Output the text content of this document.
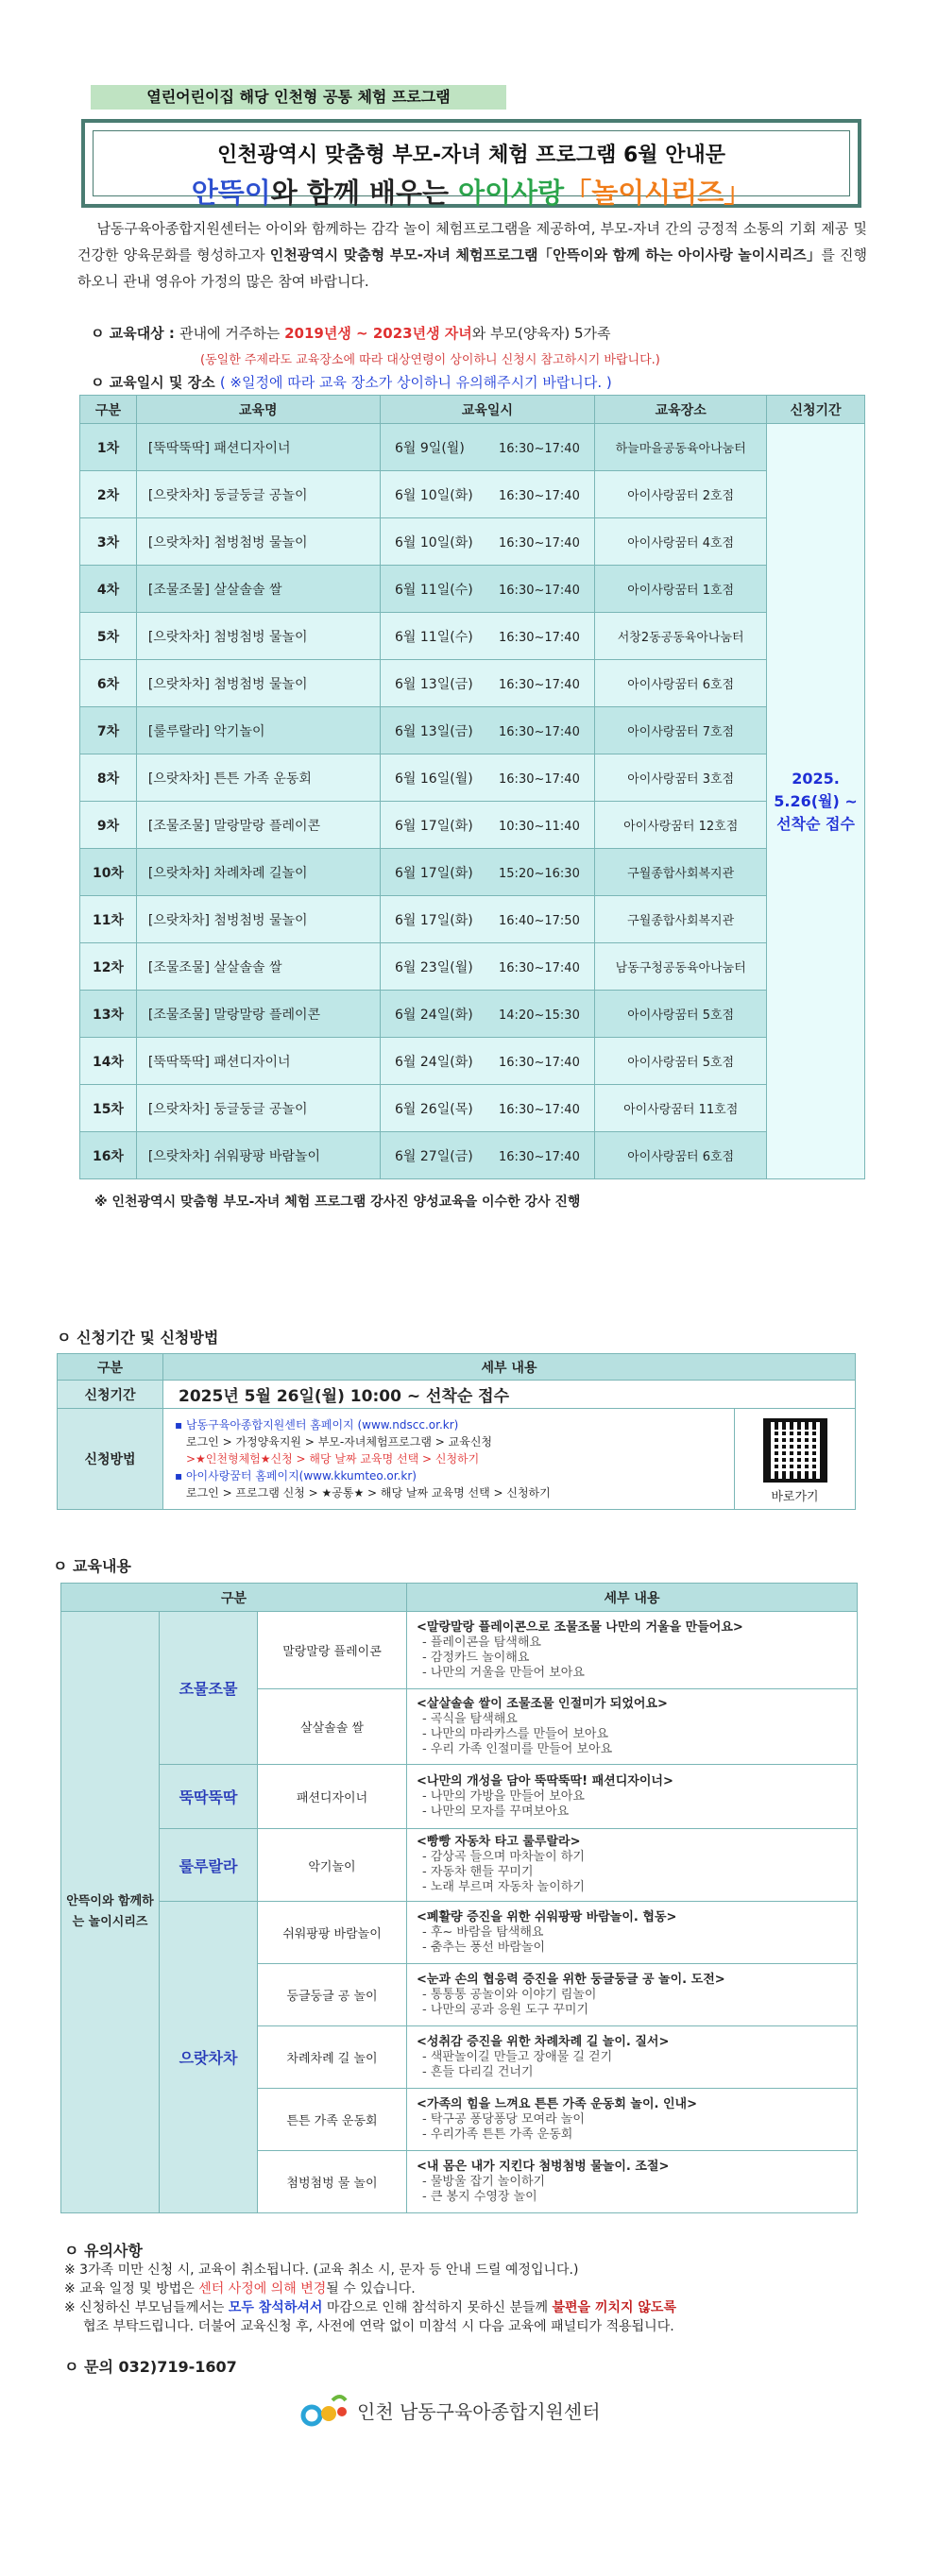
열린어린이집 해당 인천형 공통 체험 프로그램
인천광역시 맞춤형 부모-자녀 체험 프로그램 6월 안내문
안뜩이와 함께 배우는 아이사랑「놀이시리즈」
남동구육아종합지원센터는 아이와 함께하는 감각 놀이 체험프로그램을 제공하여, 부모-자녀 간의 긍정적 소통의 기회 제공 및 건강한 양육문화를 형성하고자 인천광역시 맞춤형 부모-자녀 체험프로그램「안뜩이와 함께 하는 아이사랑 놀이시리즈」를 진행하오니 관내 영유아 가정의 많은 참여 바랍니다.
ㅇ 교육대상 : 관내에 거주하는 2019년생 ~ 2023년생 자녀와 부모(양육자) 5가족
(동일한 주제라도 교육장소에 따라 대상연령이 상이하니 신청시 참고하시기 바랍니다.)
ㅇ 교육일시 및 장소 ( ※일정에 따라 교육 장소가 상이하니 유의해주시기 바랍니다. )
구분	교육명	교육일시	교육장소	신청기간
1차	[뚝딱뚝딱] 패션디자이너	6월 9일(월) 16:30~17:40	하늘마을공동육아나눔터	2025. 5.26(월) ~ 선착순 접수
2차	[으랏차차] 둥글둥글 공놀이	6월 10일(화) 16:30~17:40	아이사랑꿈터 2호점	
3차	[으랏차차] 첨벙첨벙 물놀이	6월 10일(화) 16:30~17:40	아이사랑꿈터 4호점	
4차	[조물조물] 살살솔솔 쌀	6월 11일(수) 16:30~17:40	아이사랑꿈터 1호점	
5차	[으랏차차] 첨벙첨벙 물놀이	6월 11일(수) 16:30~17:40	서창2동공동육아나눔터	
6차	[으랏차차] 첨벙첨벙 물놀이	6월 13일(금) 16:30~17:40	아이사랑꿈터 6호점	
7차	[룰루랄라] 악기놀이	6월 13일(금) 16:30~17:40	아이사랑꿈터 7호점	
8차	[으랏차차] 튼튼 가족 운동회	6월 16일(월) 16:30~17:40	아이사랑꿈터 3호점	
9차	[조물조물] 말랑말랑 플레이콘	6월 17일(화) 10:30~11:40	아이사랑꿈터 12호점	
10차	[으랏차차] 차례차례 길놀이	6월 17일(화) 15:20~16:30	구월종합사회복지관	
11차	[으랏차차] 첨벙첨벙 물놀이	6월 17일(화) 16:40~17:50	구월종합사회복지관	
12차	[조물조물] 살살솔솔 쌀	6월 23일(월) 16:30~17:40	남동구청공동육아나눔터	
13차	[조물조물] 말랑말랑 플레이콘	6월 24일(화) 14:20~15:30	아이사랑꿈터 5호점	
14차	[뚝딱뚝딱] 패션디자이너	6월 24일(화) 16:30~17:40	아이사랑꿈터 5호점	
15차	[으랏차차] 둥글둥글 공놀이	6월 26일(목) 16:30~17:40	아이사랑꿈터 11호점	
16차	[으랏차차] 쉬워팡팡 바람놀이	6월 27일(금) 16:30~17:40	아이사랑꿈터 6호점	
※ 인천광역시 맞춤형 부모-자녀 체험 프로그램 강사진 양성교육을 이수한 강사 진행
ㅇ 신청기간 및 신청방법
구분	세부 내용	
신청기간	2025년 5월 26일(월) 10:00 ~ 선착순 접수	
신청방법	▪ 남동구육아종합지원센터 홈페이지 (www.ndscc.or.kr)
로그인 > 가정양육지원 > 부모-자녀체험프로그램 > 교육신청
>★인천형체험★신청 > 해당 날짜 교육명 선택 > 신청하기
▪ 아이사랑꿈터 홈페이지(www.kkumteo.or.kr)
로그인 > 프로그램 신청 > ★공통★ > 해당 날짜 교육명 선택 > 신청하기	바로가기
ㅇ 교육내용
구분			세부 내용
안뜩이와 함께하는 놀이시리즈	조물조물	말랑말랑 플레이콘	<말랑말랑 플레이콘으로 조물조물 나만의 거울을 만들어요>
- 플레이콘을 탐색해요
- 감정카드 놀이해요
- 나만의 거울을 만들어 보아요

		살살솔솔 쌀	<살살솔솔 쌀이 조물조물 인절미가 되었어요>
- 곡식을 탐색해요
- 나만의 마라카스를 만들어 보아요
- 우리 가족 인절미를 만들어 보아요

	뚝딱뚝딱	패션디자이너	<나만의 개성을 담아 뚝딱뚝딱! 패션디자이너>
- 나만의 가방을 만들어 보아요
- 나만의 모자를 꾸며보아요

	룰루랄라	악기놀이	<빵빵 자동차 타고 룰루랄라>
- 감상곡 들으며 마차놀이 하기
- 자동차 핸들 꾸미기
- 노래 부르며 자동차 놀이하기

	으랏차차	쉬워팡팡 바람놀이	<폐활량 증진을 위한 쉬워팡팡 바람놀이. 협동>
- 후~ 바람을 탐색해요
- 춤추는 풍선 바람놀이

		둥글둥글 공 놀이	<눈과 손의 협응력 증진을 위한 둥글둥글 공 놀이. 도전>
- 통통통 공놀이와 이야기 림놀이
- 나만의 공과 응원 도구 꾸미기

		차례차례 길 놀이	<성취감 증진을 위한 차례차례 길 놀이. 질서>
- 색판놀이길 만들고 장애물 길 걷기
- 흔들 다리길 건너기

		튼튼 가족 운동회	<가족의 힘을 느껴요 튼튼 가족 운동회 놀이. 인내>
- 탁구공 퐁당퐁당 모여라 놀이
- 우리가족 튼튼 가족 운동회

		첨벙첨벙 물 놀이	<내 몸은 내가 지킨다 첨벙첨벙 물놀이. 조절>
- 물방울 잡기 놀이하기
- 큰 봉지 수영장 놀이
ㅇ 유의사항
※ 3가족 미만 신청 시, 교육이 취소됩니다. (교육 취소 시, 문자 등 안내 드릴 예정입니다.)
※ 교육 일정 및 방법은 센터 사정에 의해 변경될 수 있습니다.
※ 신청하신 부모님들께서는 모두 참석하셔서 마감으로 인해 참석하지 못하신 분들께 불편을 끼치지 않도록
협조 부탁드립니다. 더불어 교육신청 후, 사전에 연락 없이 미참석 시 다음 교육에 패널티가 적용됩니다.
ㅇ 문의 032)719-1607
인천 남동구육아종합지원센터
